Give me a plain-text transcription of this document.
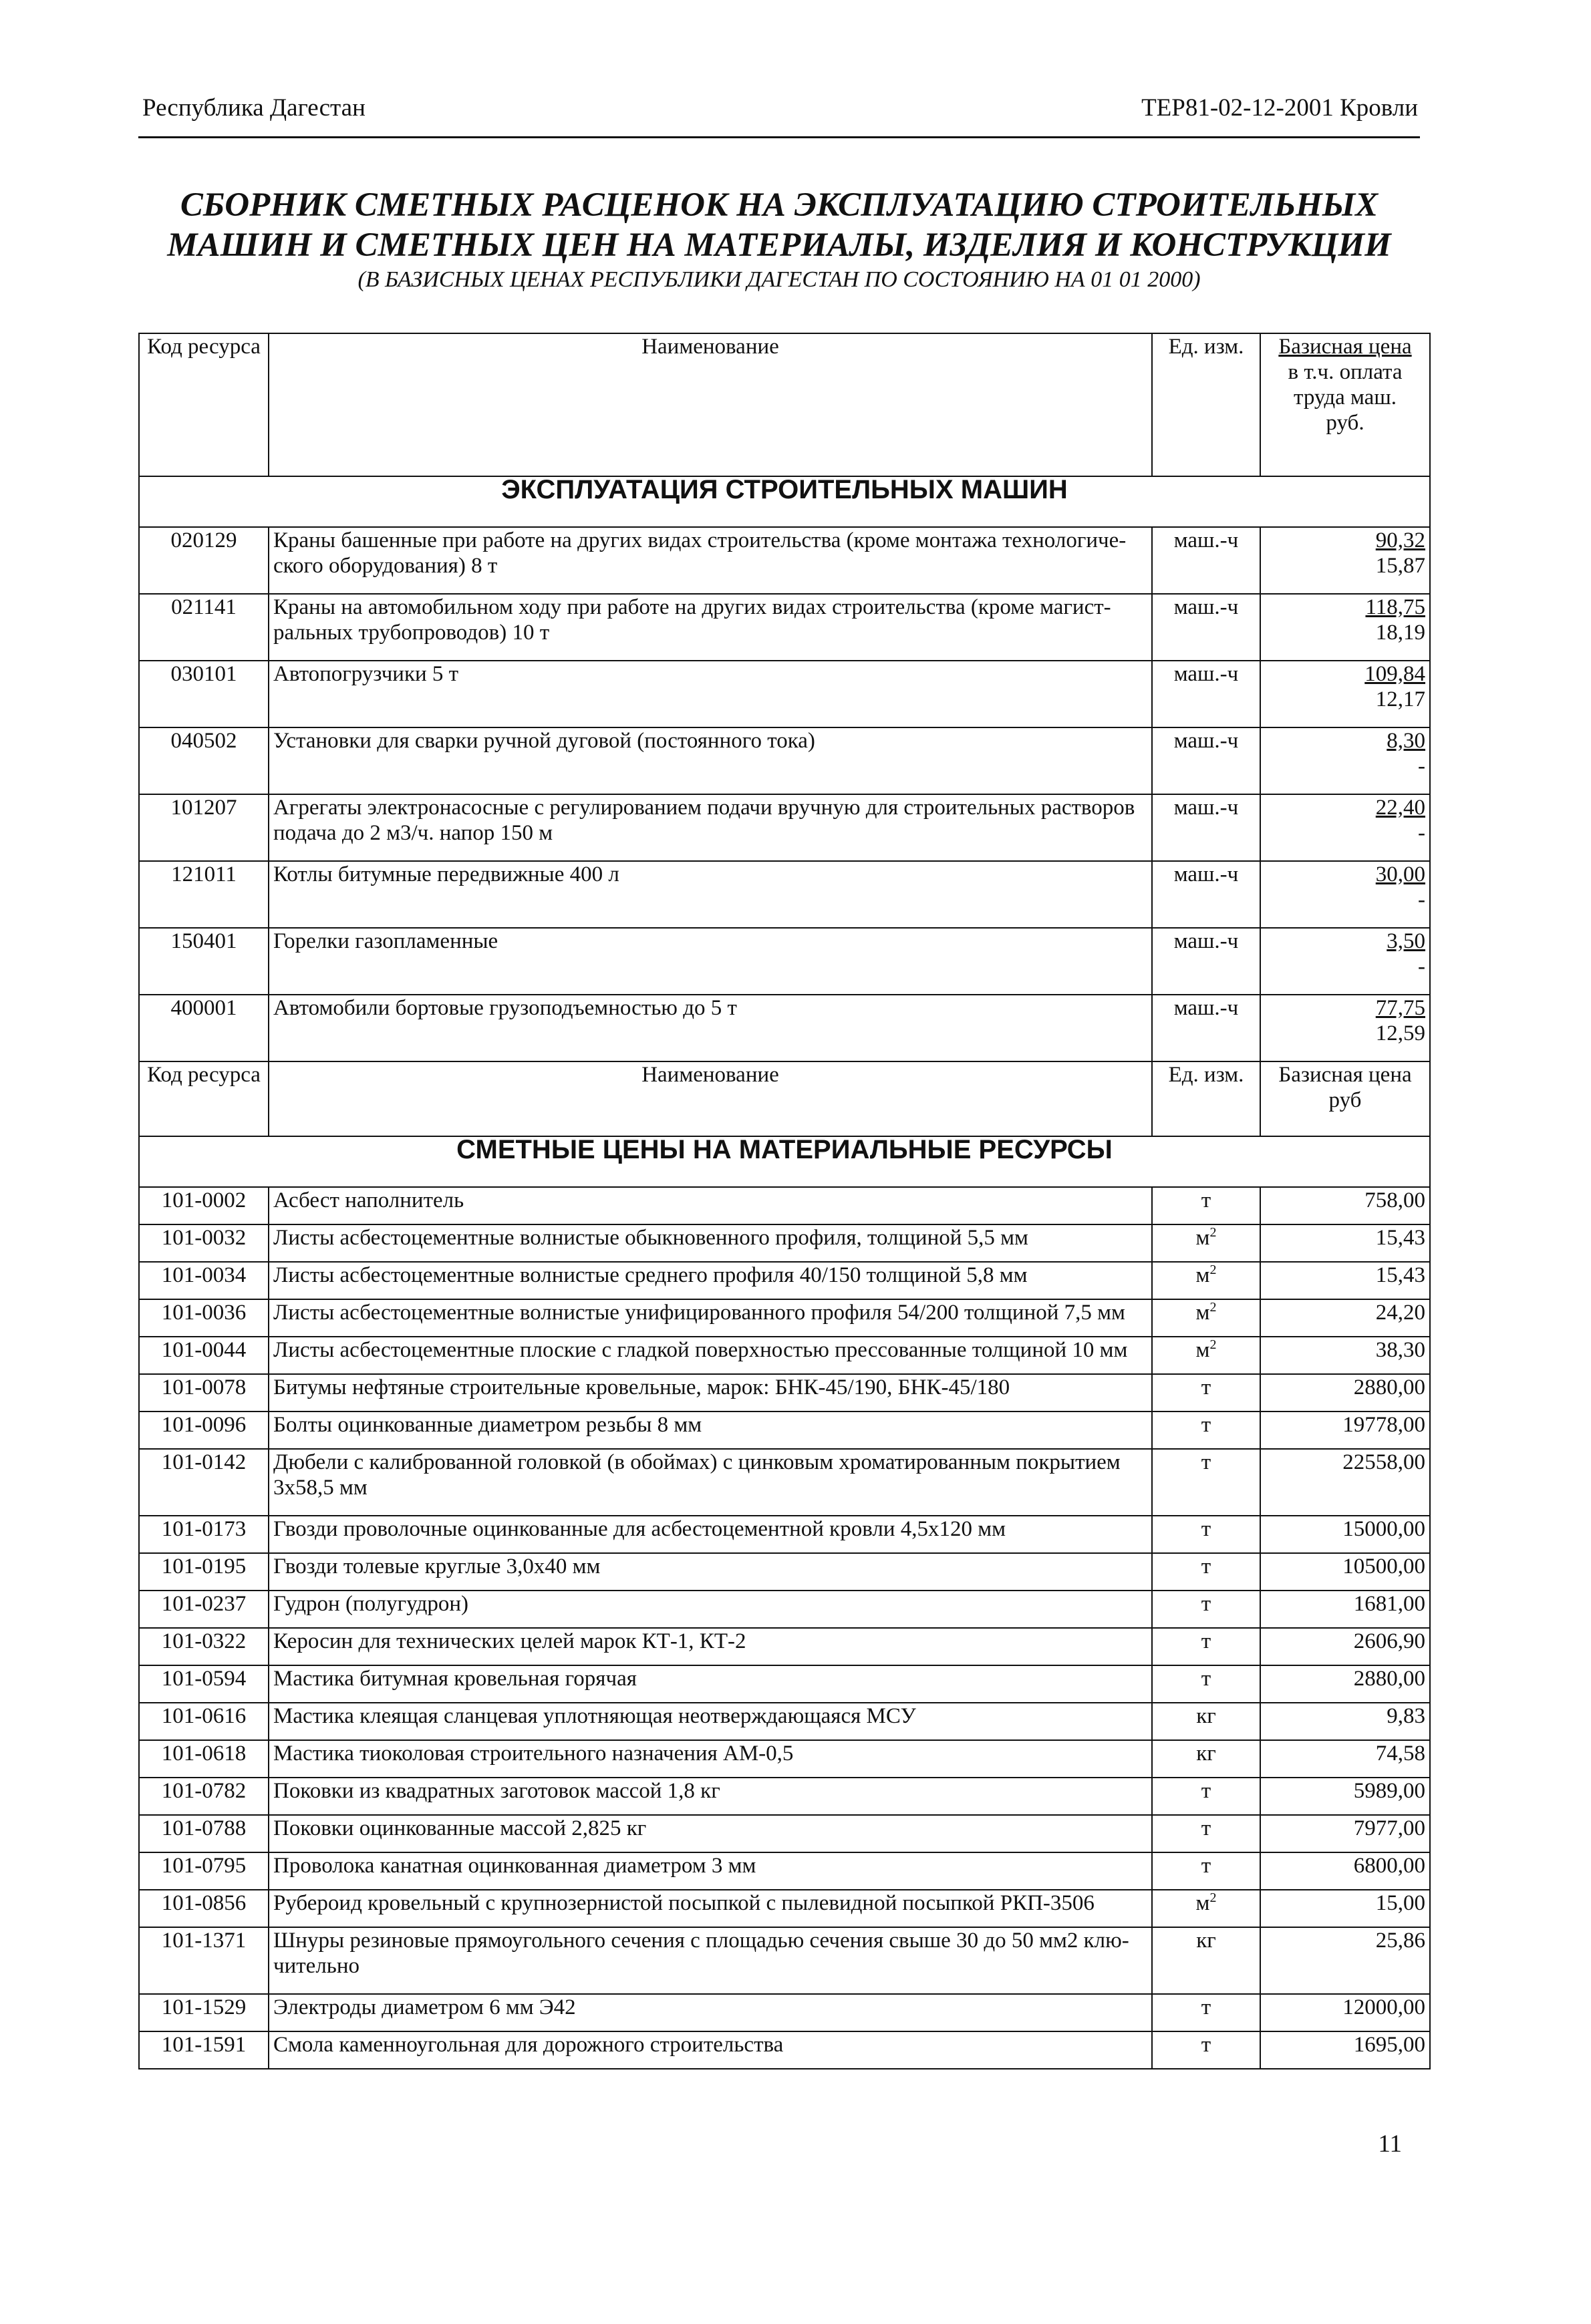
Республика Дагестан	ТЕР81-02-12-2001 Кровли
СБОРНИК СМЕТНЫХ РАСЦЕНОК НА ЭКСПЛУАТАЦИЮ СТРОИТЕЛЬНЫХ
МАШИН И СМЕТНЫХ ЦЕН НА МАТЕРИАЛЫ, ИЗДЕЛИЯ И КОНСТРУКЦИИ
(В БАЗИСНЫХ ЦЕНАХ РЕСПУБЛИКИ ДАГЕСТАН ПО СОСТОЯНИЮ НА 01 01 2000)
Код ресурса	Наименование	Ед. изм.	Базисная цена
в т.ч. оплата
труда маш.
руб.
ЭКСПЛУАТАЦИЯ СТРОИТЕЛЬНЫХ МАШИН			
020129	Краны башенные при работе на других видах строительства (кроме монтажа технологиче-
ского оборудования) 8 т	маш.-ч	90,32
15,87
021141	Краны на автомобильном ходу при работе на других видах строительства (кроме магист-
ральных трубопроводов) 10 т	маш.-ч	118,75
18,19
030101	Автопогрузчики 5 т	маш.-ч	109,84
12,17
040502	Установки для сварки ручной дуговой (постоянного тока)	маш.-ч	8,30
-
101207	Агрегаты электронасосные с регулированием подачи вручную для строительных растворов
подача до 2 м3/ч. напор 150 м	маш.-ч	22,40
-
121011	Котлы битумные передвижные 400 л	маш.-ч	30,00
-
150401	Горелки газопламенные	маш.-ч	3,50
-
400001	Автомобили бортовые грузоподъемностью до 5 т	маш.-ч	77,75
12,59
Код ресурса	Наименование	Ед. изм.	Базисная цена
руб
СМЕТНЫЕ ЦЕНЫ НА МАТЕРИАЛЬНЫЕ РЕСУРСЫ			
101-0002	Асбест наполнитель	т	758,00
101-0032	Листы асбестоцементные волнистые обыкновенного профиля, толщиной 5,5 мм	$м^2$	15,43
101-0034	Листы асбестоцементные волнистые среднего профиля 40/150 толщиной 5,8 мм	$м^2$	15,43
101-0036	Листы асбестоцементные волнистые унифицированного профиля 54/200 толщиной 7,5 мм	$м^2$	24,20
101-0044	Листы асбестоцементные плоские с гладкой поверхностью прессованные толщиной 10 мм	$м^2$	38,30
101-0078	Битумы нефтяные строительные кровельные, марок: БНК-45/190, БНК-45/180	т	2880,00
101-0096	Болты оцинкованные диаметром резьбы 8 мм	т	19778,00
101-0142	Дюбели с калиброванной головкой (в обоймах) с цинковым хроматированным покрытием
3х58,5 мм	т	22558,00
101-0173	Гвозди проволочные оцинкованные для асбестоцементной кровли 4,5х120 мм	т	15000,00
101-0195	Гвозди толевые круглые 3,0х40 мм	т	10500,00
101-0237	Гудрон (полугудрон)	т	1681,00
101-0322	Керосин для технических целей марок КТ-1, КТ-2	т	2606,90
101-0594	Мастика битумная кровельная горячая	т	2880,00
101-0616	Мастика клеящая сланцевая уплотняющая неотверждающаяся МСУ	кг	9,83
101-0618	Мастика тиоколовая строительного назначения АМ-0,5	кг	74,58
101-0782	Поковки из квадратных заготовок массой 1,8 кг	т	5989,00
101-0788	Поковки оцинкованные массой 2,825 кг	т	7977,00
101-0795	Проволока канатная оцинкованная диаметром 3 мм	т	6800,00
101-0856	Рубероид кровельный с крупнозернистой посыпкой с пылевидной посыпкой РКП-3506	$м^2$	15,00
101-1371	Шнуры резиновые прямоугольного сечения с площадью сечения свыше 30 до 50 мм2 клю-
чительно	кг	25,86
101-1529	Электроды диаметром 6 мм Э42	т	12000,00
101-1591	Смола каменноугольная для дорожного строительства	т	1695,00
11
